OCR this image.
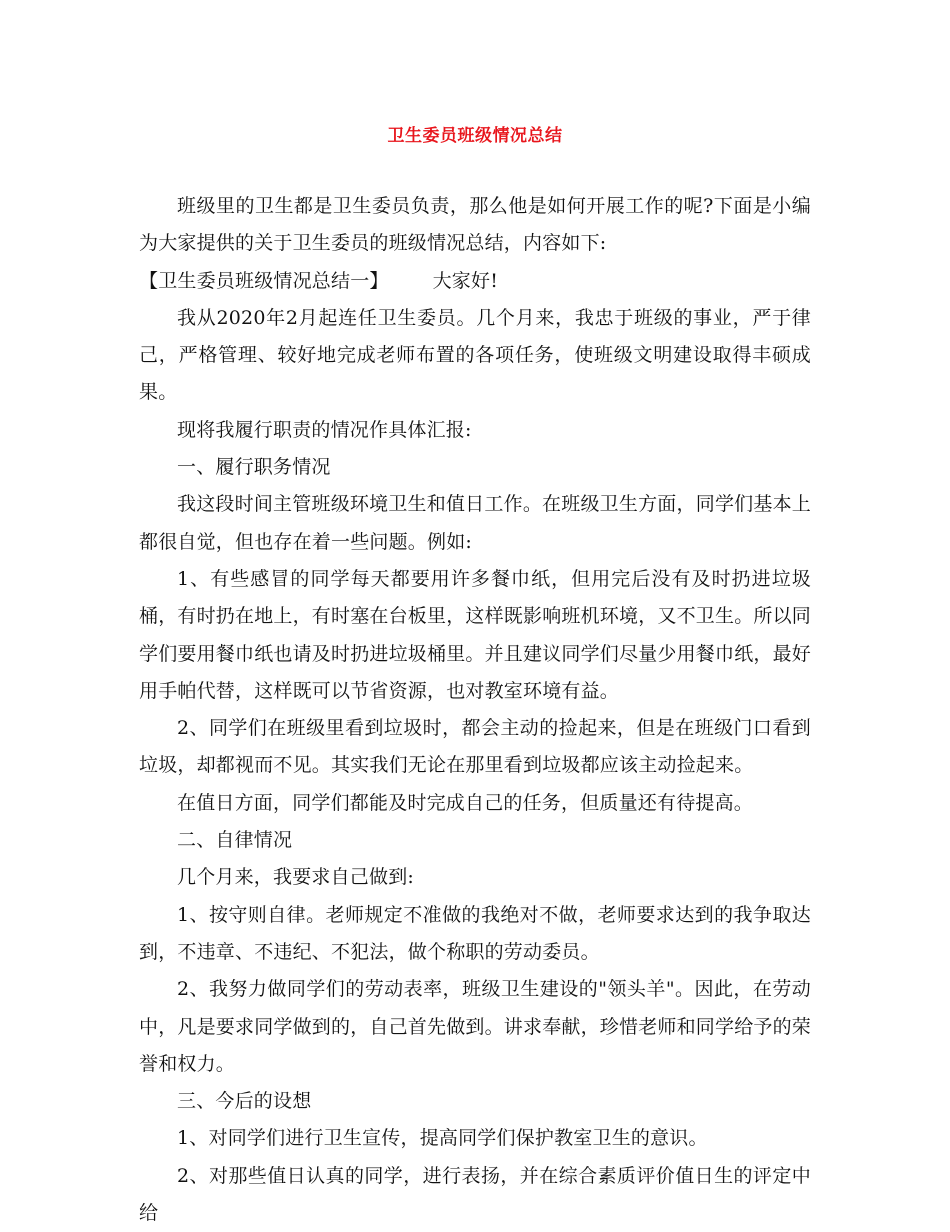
卫生委员班级情况总结

班级里的卫生都是卫生委员负责，那么他是如何开展工作的呢?下面是小编为大家提供的关于卫生委员的班级情况总结，内容如下:

【卫生委员班级情况总结一】 大家好!

我从2020年2月起连任卫生委员。几个月来，我忠于班级的事业，严于律己，严格管理、较好地完成老师布置的各项任务，使班级文明建设取得丰硕成果。

现将我履行职责的情况作具体汇报:

一、履行职务情况

我这段时间主管班级环境卫生和值日工作。在班级卫生方面，同学们基本上都很自觉，但也存在着一些问题。例如:

1、有些感冒的同学每天都要用许多餐巾纸，但用完后没有及时扔进垃圾桶，有时扔在地上，有时塞在台板里，这样既影响班机环境，又不卫生。所以同学们要用餐巾纸也请及时扔进垃圾桶里。并且建议同学们尽量少用餐巾纸，最好用手帕代替，这样既可以节省资源，也对教室环境有益。

2、同学们在班级里看到垃圾时，都会主动的捡起来，但是在班级门口看到垃圾，却都视而不见。其实我们无论在那里看到垃圾都应该主动捡起来。

在值日方面，同学们都能及时完成自己的任务，但质量还有待提高。

二、自律情况

几个月来，我要求自己做到:

1、按守则自律。老师规定不准做的我绝对不做，老师要求达到的我争取达到，不违章、不违纪、不犯法，做个称职的劳动委员。

2、我努力做同学们的劳动表率，班级卫生建设的"领头羊"。因此，在劳动中，凡是要求同学做到的，自己首先做到。讲求奉献，珍惜老师和同学给予的荣誉和权力。

三、今后的设想

1、对同学们进行卫生宣传，提高同学们保护教室卫生的意识。

2、对那些值日认真的同学，进行表扬，并在综合素质评价值日生的评定中给
